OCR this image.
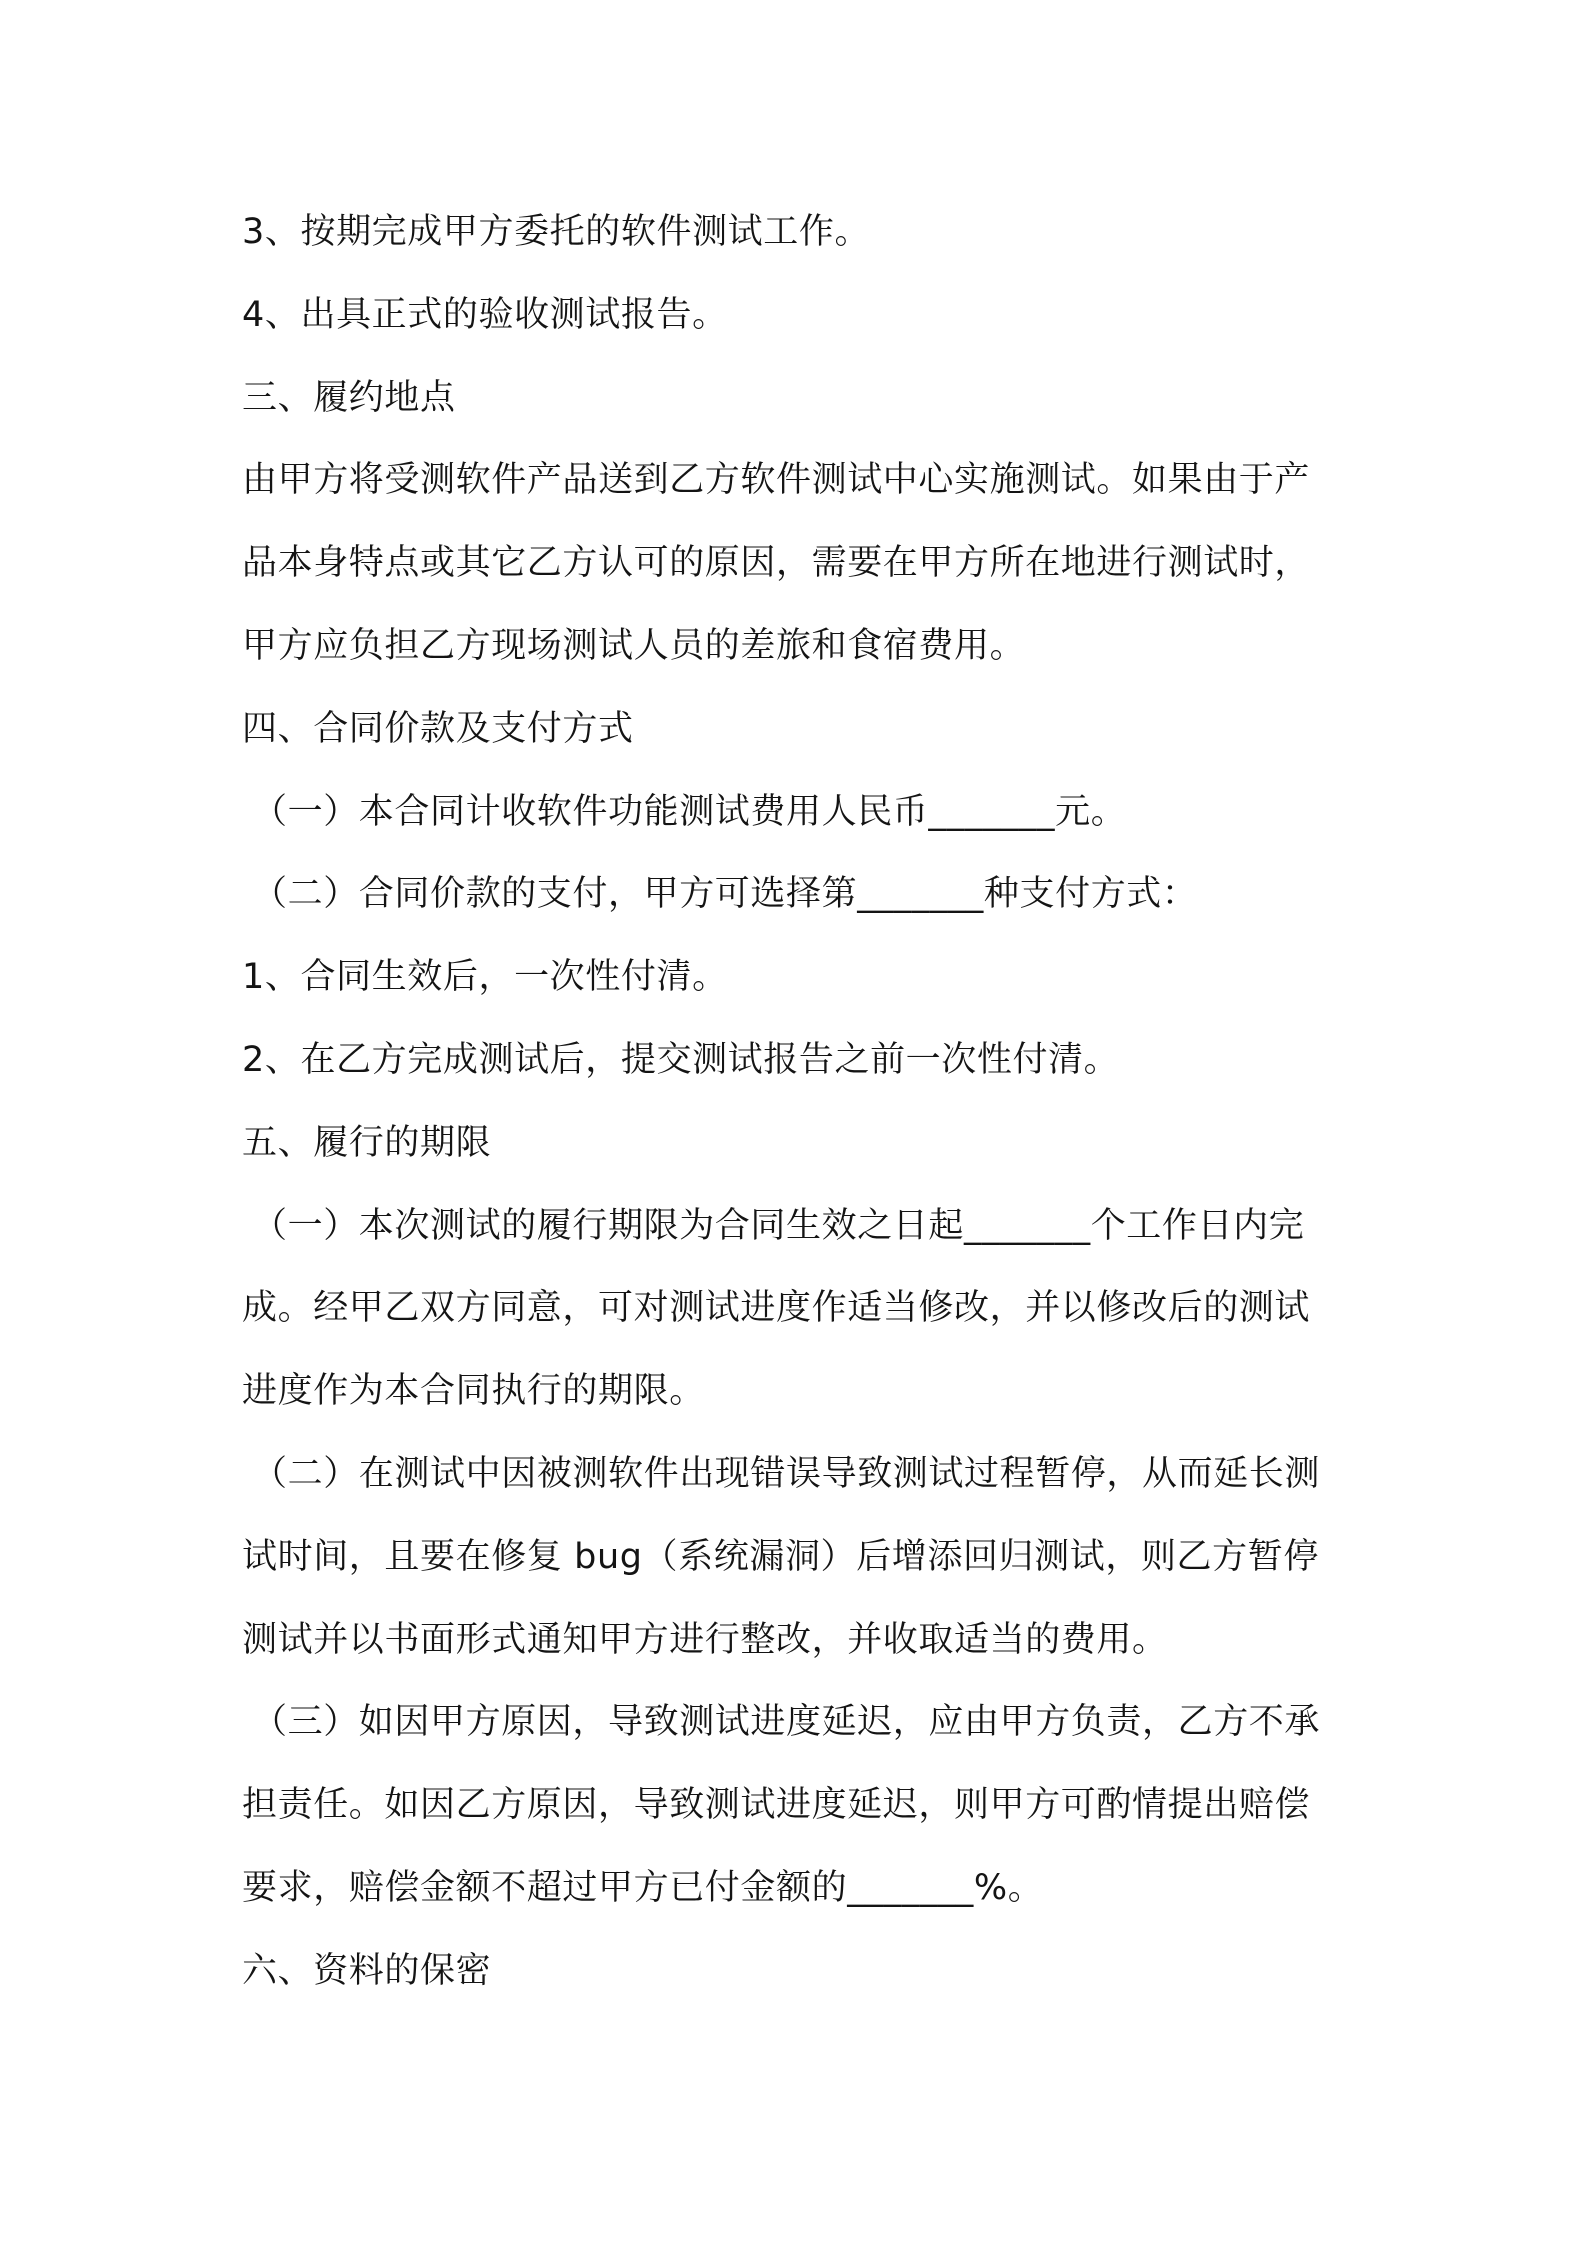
3、按期完成甲方委托的软件测试工作。
4、出具正式的验收测试报告。
三、履约地点
由甲方将受测软件产品送到乙方软件测试中心实施测试。如果由于产
品本身特点或其它乙方认可的原因，需要在甲方所在地进行测试时，
甲方应负担乙方现场测试人员的差旅和食宿费用。
四、合同价款及支付方式
（一）本合同计收软件功能测试费用人民币_______元。
（二）合同价款的支付，甲方可选择第_______种支付方式：
1、合同生效后，一次性付清。
2、在乙方完成测试后，提交测试报告之前一次性付清。
五、履行的期限
（一）本次测试的履行期限为合同生效之日起_______个工作日内完
成。经甲乙双方同意，可对测试进度作适当修改，并以修改后的测试
进度作为本合同执行的期限。
（二）在测试中因被测软件出现错误导致测试过程暂停，从而延长测
试时间，且要在修复 bug（系统漏洞）后增添回归测试，则乙方暂停
测试并以书面形式通知甲方进行整改，并收取适当的费用。
（三）如因甲方原因，导致测试进度延迟，应由甲方负责，乙方不承
担责任。如因乙方原因，导致测试进度延迟，则甲方可酌情提出赔偿
要求，赔偿金额不超过甲方已付金额的_______%。
六、资料的保密
